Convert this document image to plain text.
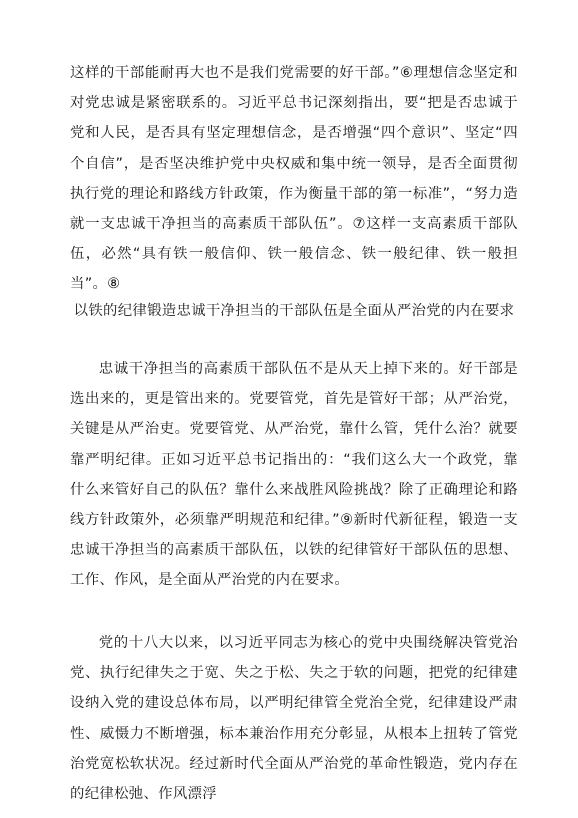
这样的干部能耐再大也不是我们党需要的好干部。”⑥理想信念坚定和对党忠诚是紧密联系的。习近平总书记深刻指出，要“把是否忠诚于党和人民，是否具有坚定理想信念，是否增强“四个意识”、坚定“四个自信”，是否坚决维护党中央权威和集中统一领导，是否全面贯彻执行党的理论和路线方针政策，作为衡量干部的第一标准”，“努力造就一支忠诚干净担当的高素质干部队伍”。⑦这样一支高素质干部队伍，必然“具有铁一般信仰、铁一般信念、铁一般纪律、铁一般担当”。⑧

以铁的纪律锻造忠诚干净担当的干部队伍是全面从严治党的内在要求

忠诚干净担当的高素质干部队伍不是从天上掉下来的。好干部是选出来的，更是管出来的。党要管党，首先是管好干部；从严治党，关键是从严治吏。党要管党、从严治党，靠什么管，凭什么治？就要靠严明纪律。正如习近平总书记指出的：“我们这么大一个政党，靠什么来管好自己的队伍？靠什么来战胜风险挑战？除了正确理论和路线方针政策外，必须靠严明规范和纪律。”⑨新时代新征程，锻造一支忠诚干净担当的高素质干部队伍，以铁的纪律管好干部队伍的思想、工作、作风，是全面从严治党的内在要求。

党的十八大以来，以习近平同志为核心的党中央围绕解决管党治党、执行纪律失之于宽、失之于松、失之于软的问题，把党的纪律建设纳入党的建设总体布局，以严明纪律管全党治全党，纪律建设严肃性、威慑力不断增强，标本兼治作用充分彰显，从根本上扭转了管党治党宽松软状况。经过新时代全面从严治党的革命性锻造，党内存在的纪律松弛、作风漂浮
